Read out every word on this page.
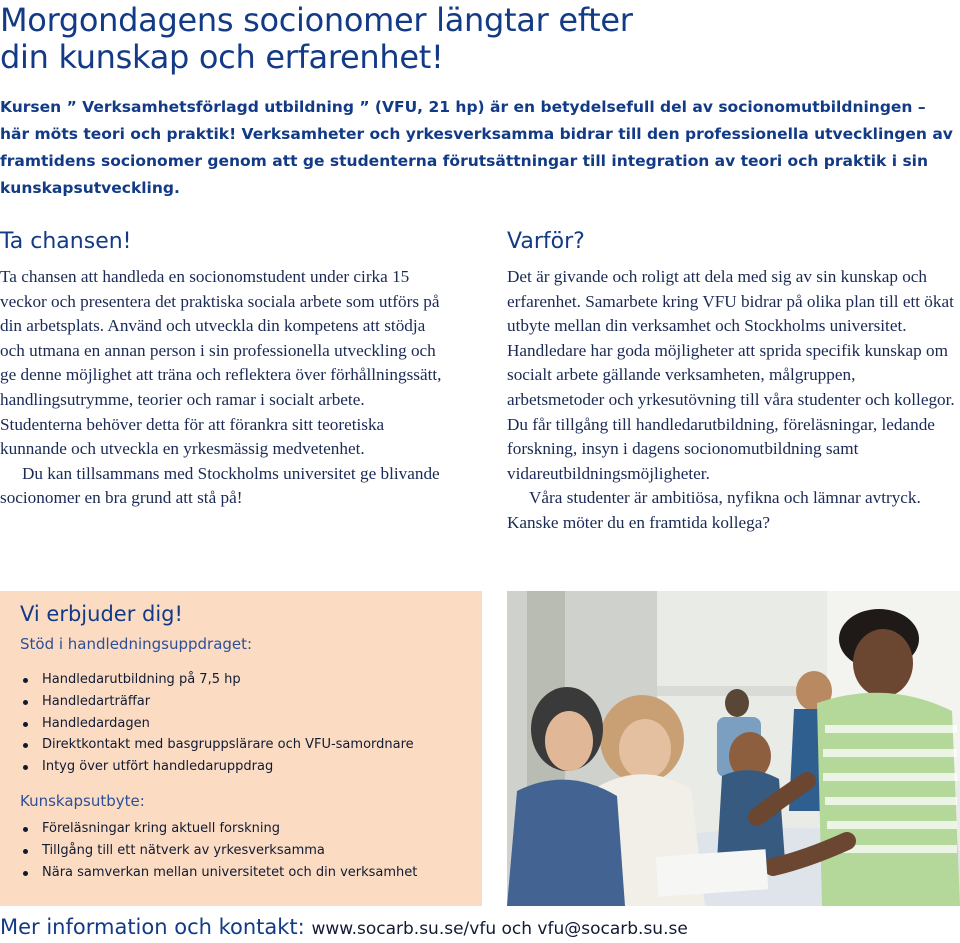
Morgondagens socionomer längtar efter
din kunskap och erfarenhet!

Kursen ” Verksamhetsförlagd utbildning ” (VFU, 21 hp) är en betydelsefull del av socionomutbildningen – här möts teori och praktik! Verksamheter och yrkesverksamma bidrar till den professionella utvecklingen av framtidens socionomer genom att ge studenterna förutsättningar till integration av teori och praktik i sin kunskapsutveckling.

Ta chansen!

Ta chansen att handleda en socionomstudent under cirka 15 veckor och presentera det praktiska sociala arbete som utförs på din arbetsplats. Använd och utveckla din kompetens att stödja och utmana en annan person i sin professionella utveckling och ge denne möjlighet att träna och reflektera över förhållningssätt, handlingsutrymme, teorier och ramar i socialt arbete. Studenterna behöver detta för att förankra sitt teoretiska kunnande och utveckla en yrkesmässig medvetenhet.

Du kan tillsammans med Stockholms universitet ge blivande socionomer en bra grund att stå på!

Varför?

Det är givande och roligt att dela med sig av sin kunskap och erfarenhet. Samarbete kring VFU bidrar på olika plan till ett ökat utbyte mellan din verksamhet och Stockholms universitet. Handledare har goda möjligheter att sprida specifik kunskap om socialt arbete gällande verksamheten, målgruppen, arbetsmetoder och yrkesutövning till våra studenter och kollegor. Du får tillgång till handledarutbildning, föreläsningar, ledande forskning, insyn i dagens socionomutbildning samt vidareutbildningsmöjligheter.

Våra studenter är ambitiösa, nyfikna och lämnar avtryck. Kanske möter du en framtida kollega?

Vi erbjuder dig!

Stöd i handledningsuppdraget:

Handledarutbildning på 7,5 hp
Handledarträffar
Handledardagen
Direktkontakt med basgruppslärare och VFU-samordnare
Intyg över utfört handledaruppdrag

Kunskapsutbyte:

Föreläsningar kring aktuell forskning
Tillgång till ett nätverk av yrkesverksamma
Nära samverkan mellan universitetet och din verksamhet

Mer information och kontakt: www.socarb.su.se/vfu och vfu@socarb.su.se
